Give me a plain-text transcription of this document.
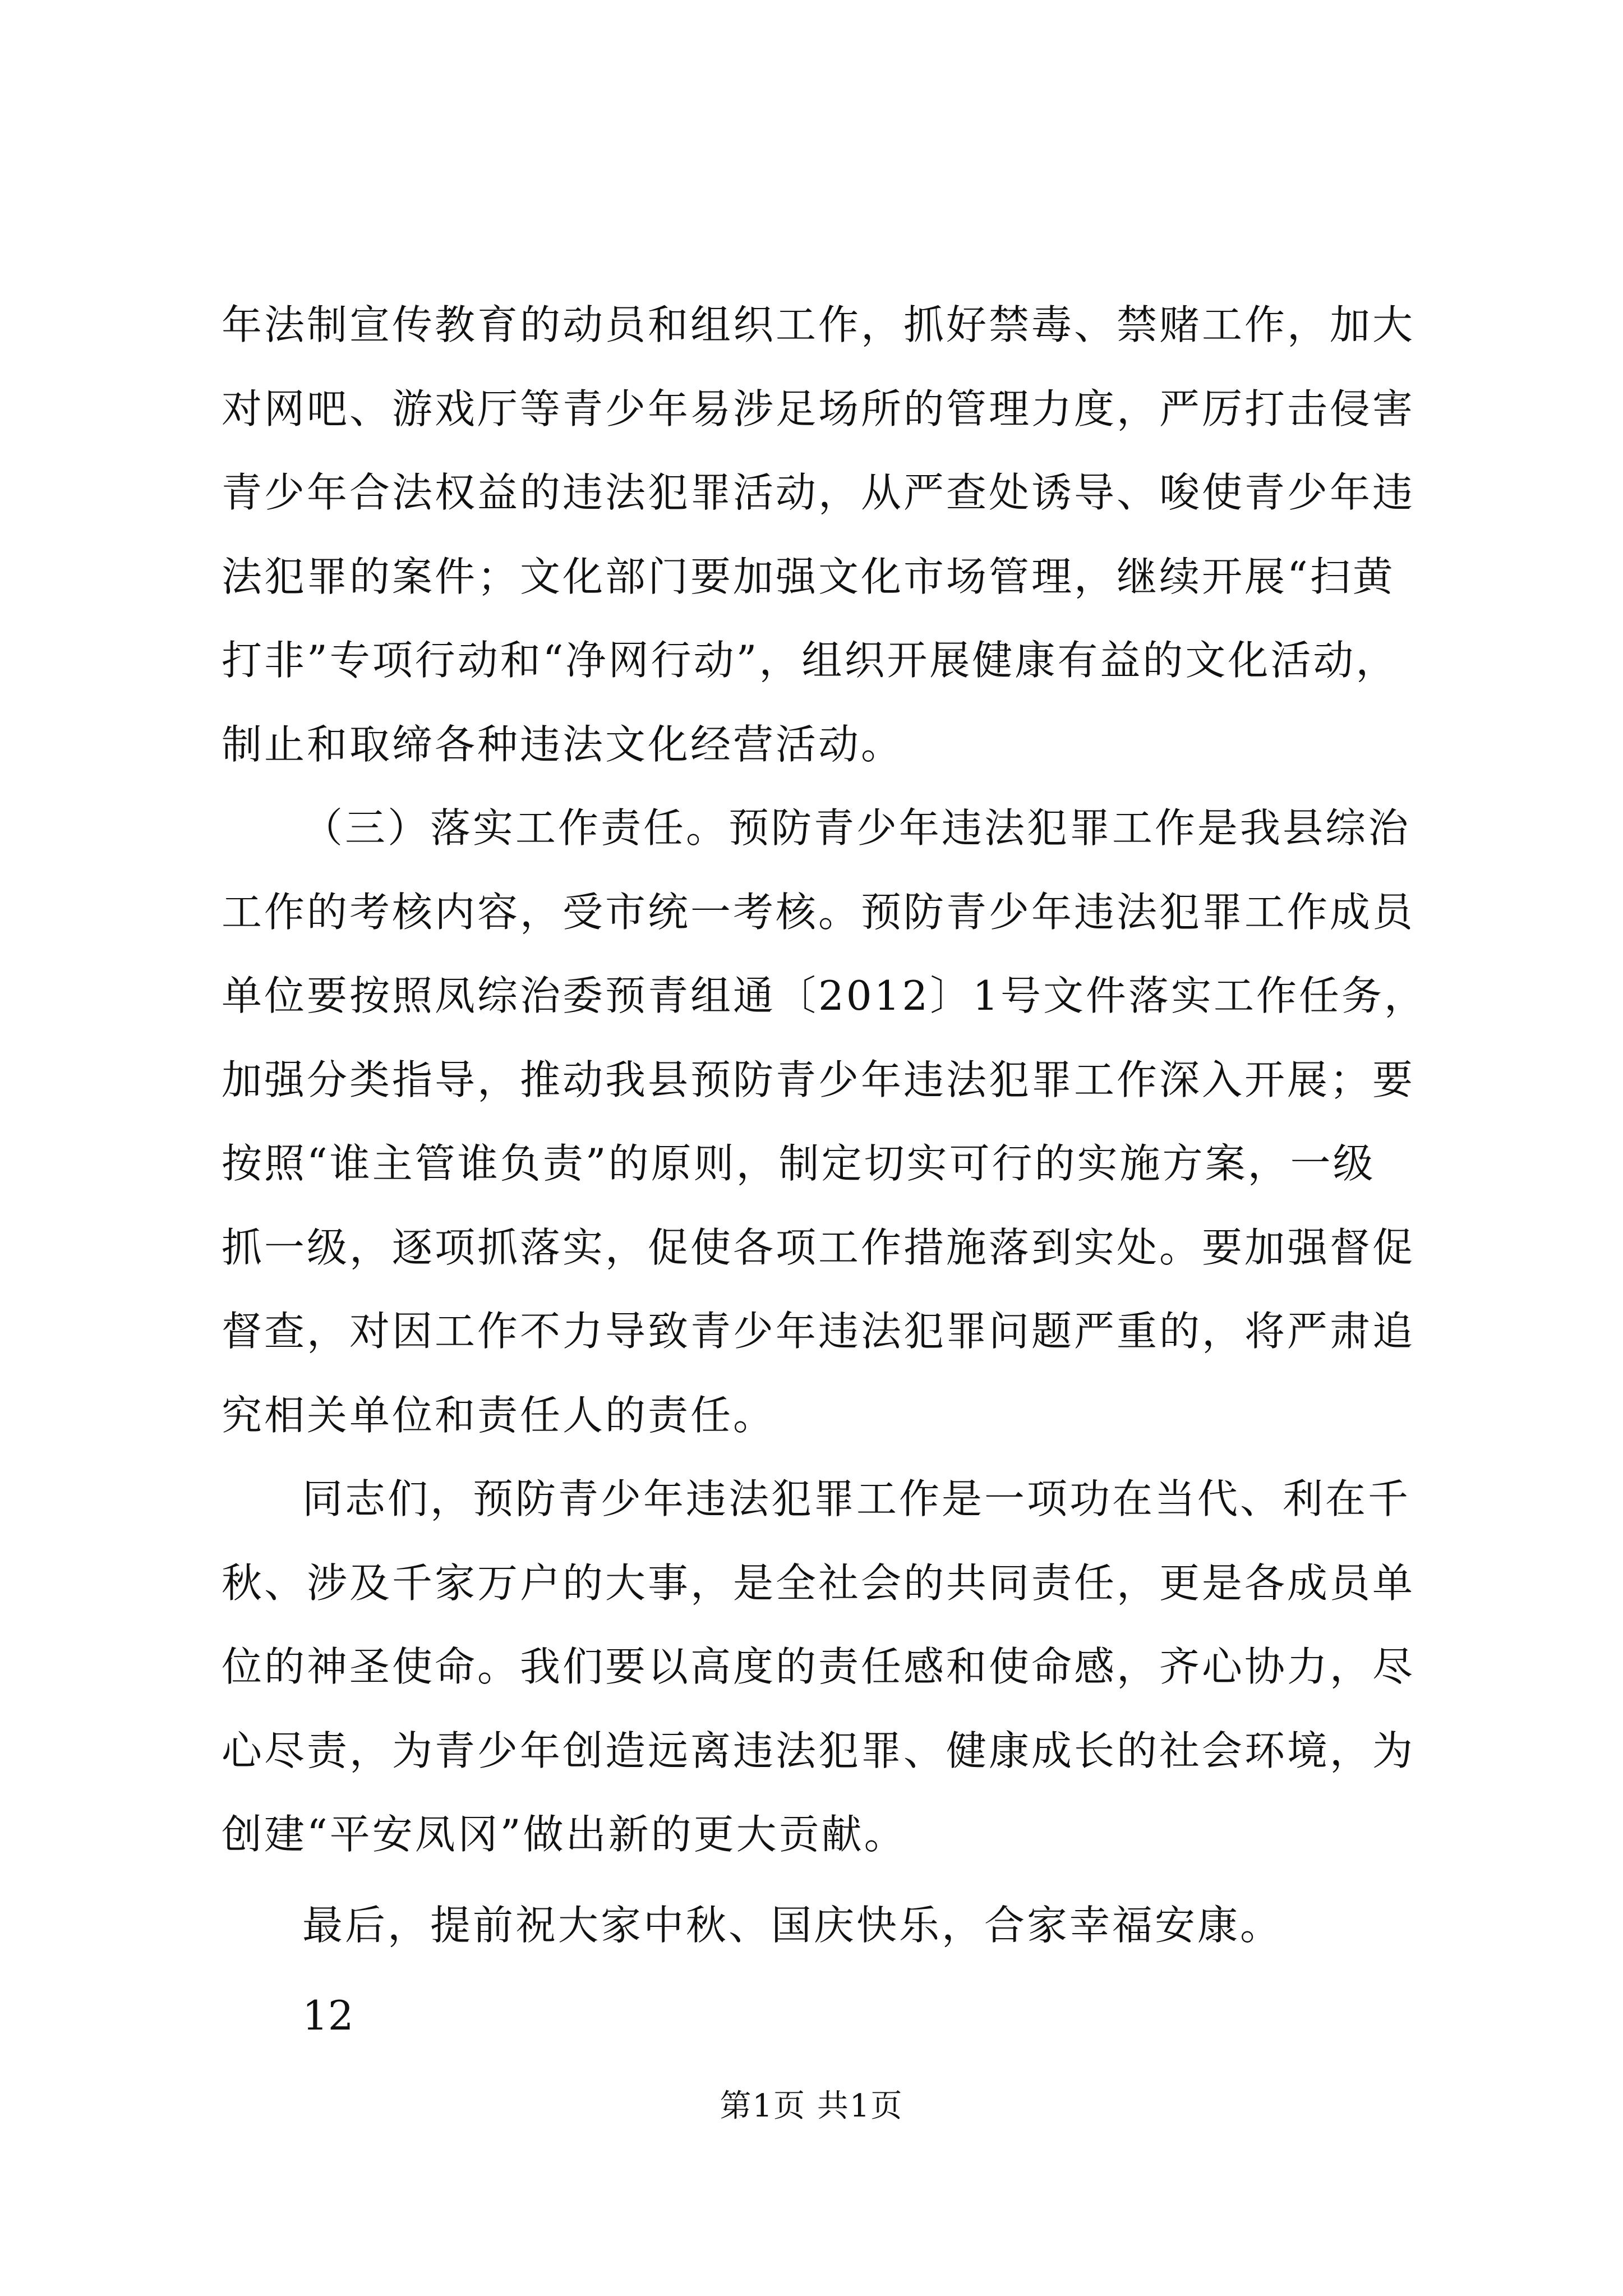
年法制宣传教育的动员和组织工作，抓好禁毒、禁赌工作，加大
对网吧、游戏厅等青少年易涉足场所的管理力度，严厉打击侵害
青少年合法权益的违法犯罪活动，从严查处诱导、唆使青少年违
法犯罪的案件；文化部门要加强文化市场管理，继续开展“扫黄
打非”专项行动和“净网行动”，组织开展健康有益的文化活动，
制止和取缔各种违法文化经营活动。
（三）落实工作责任。预防青少年违法犯罪工作是我县综治
工作的考核内容，受市统一考核。预防青少年违法犯罪工作成员
单位要按照凤综治委预青组通〔2012〕1号文件落实工作任务，
加强分类指导，推动我县预防青少年违法犯罪工作深入开展；要
按照“谁主管谁负责”的原则，制定切实可行的实施方案，一级
抓一级，逐项抓落实，促使各项工作措施落到实处。要加强督促
督查，对因工作不力导致青少年违法犯罪问题严重的，将严肃追
究相关单位和责任人的责任。
同志们，预防青少年违法犯罪工作是一项功在当代、利在千
秋、涉及千家万户的大事，是全社会的共同责任，更是各成员单
位的神圣使命。我们要以高度的责任感和使命感，齐心协力，尽
心尽责，为青少年创造远离违法犯罪、健康成长的社会环境，为
创建“平安凤冈”做出新的更大贡献。
最后，提前祝大家中秋、国庆快乐，合家幸福安康。
12
第1页 共1页
